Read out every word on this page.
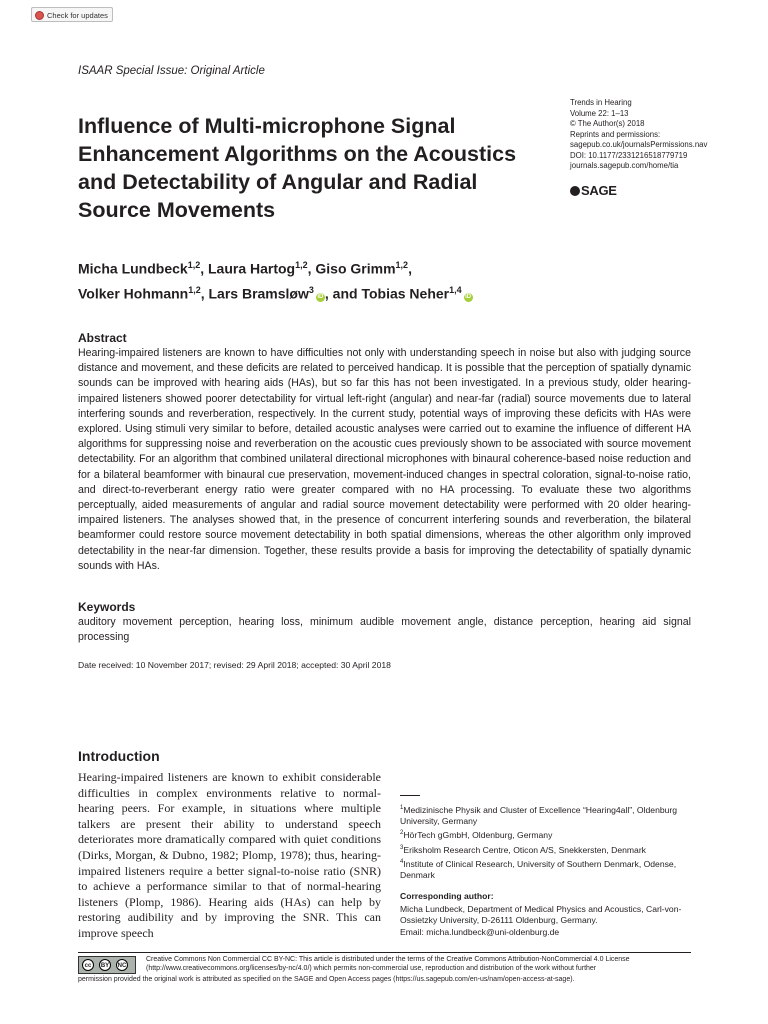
Check for updates
ISAAR Special Issue: Original Article
Trends in Hearing
Volume 22: 1–13
© The Author(s) 2018
Reprints and permissions:
sagepub.co.uk/journalsPermissions.nav
DOI: 10.1177/2331216518779719
journals.sagepub.com/home/tia
SAGE
Influence of Multi-microphone Signal Enhancement Algorithms on the Acoustics and Detectability of Angular and Radial Source Movements
Micha Lundbeck$^{1,2}$, Laura Hartog$^{1,2}$, Giso Grimm$^{1,2}$,
Volker Hohmann$^{1,2}$, Lars Bramsløw$^3$iD , and Tobias Neher$^{1,4}$iD
Abstract
Hearing-impaired listeners are known to have difficulties not only with understanding speech in noise but also with judging source distance and movement, and these deficits are related to perceived handicap. It is possible that the perception of spatially dynamic sounds can be improved with hearing aids (HAs), but so far this has not been investigated. In a previous study, older hearing-impaired listeners showed poorer detectability for virtual left-right (angular) and near-far (radial) source movements due to lateral interfering sounds and reverberation, respectively. In the current study, potential ways of improving these deficits with HAs were explored. Using stimuli very similar to before, detailed acoustic analyses were carried out to examine the influence of different HA algorithms for suppressing noise and reverberation on the acoustic cues previously shown to be associated with source movement detectability. For an algorithm that combined unilateral directional microphones with binaural coherence-based noise reduction and for a bilateral beamformer with binaural cue preservation, movement-induced changes in spectral coloration, signal-to-noise ratio, and direct-to-reverberant energy ratio were greater compared with no HA processing. To evaluate these two algorithms perceptually, aided measurements of angular and radial source movement detectability were performed with 20 older hearing-impaired listeners. The analyses showed that, in the presence of concurrent interfering sounds and reverberation, the bilateral beamformer could restore source movement detectability in both spatial dimensions, whereas the other algorithm only improved detectability in the near-far dimension. Together, these results provide a basis for improving the detectability of spatially dynamic sounds with HAs.
Keywords
auditory movement perception, hearing loss, minimum audible movement angle, distance perception, hearing aid signal processing
Date received: 10 November 2017; revised: 29 April 2018; accepted: 30 April 2018
Introduction
Hearing-impaired listeners are known to exhibit considerable difficulties in complex environments relative to normal-hearing peers. For example, in situations where multiple talkers are present their ability to understand speech deteriorates more dramatically compared with quiet conditions (Dirks, Morgan, & Dubno, 1982; Plomp, 1978); thus, hearing-impaired listeners require a better signal-to-noise ratio (SNR) to achieve a performance similar to that of normal-hearing listeners (Plomp, 1986). Hearing aids (HAs) can help by restoring audibility and by improving the SNR. This can improve speech

$^1$Medizinische Physik and Cluster of Excellence “Hearing4all”, Oldenburg University, Germany

$^2$HörTech gGmbH, Oldenburg, Germany

$^3$Eriksholm Research Centre, Oticon A/S, Snekkersten, Denmark

$^4$Institute of Clinical Research, University of Southern Denmark, Odense, Denmark

Corresponding author:
Micha Lundbeck, Department of Medical Physics and Acoustics, Carl-von-Ossietzky University, D-26111 Oldenburg, Germany.
Email: micha.lundbeck@uni-oldenburg.de
cc	BY	NC
Creative Commons Non Commercial CC BY-NC: This article is distributed under the terms of the Creative Commons Attribution-NonCommercial 4.0 License (http://www.creativecommons.org/licenses/by-nc/4.0/) which permits non-commercial use, reproduction and distribution of the work without further
permission provided the original work is attributed as specified on the SAGE and Open Access pages (https://us.sagepub.com/en-us/nam/open-access-at-sage).
